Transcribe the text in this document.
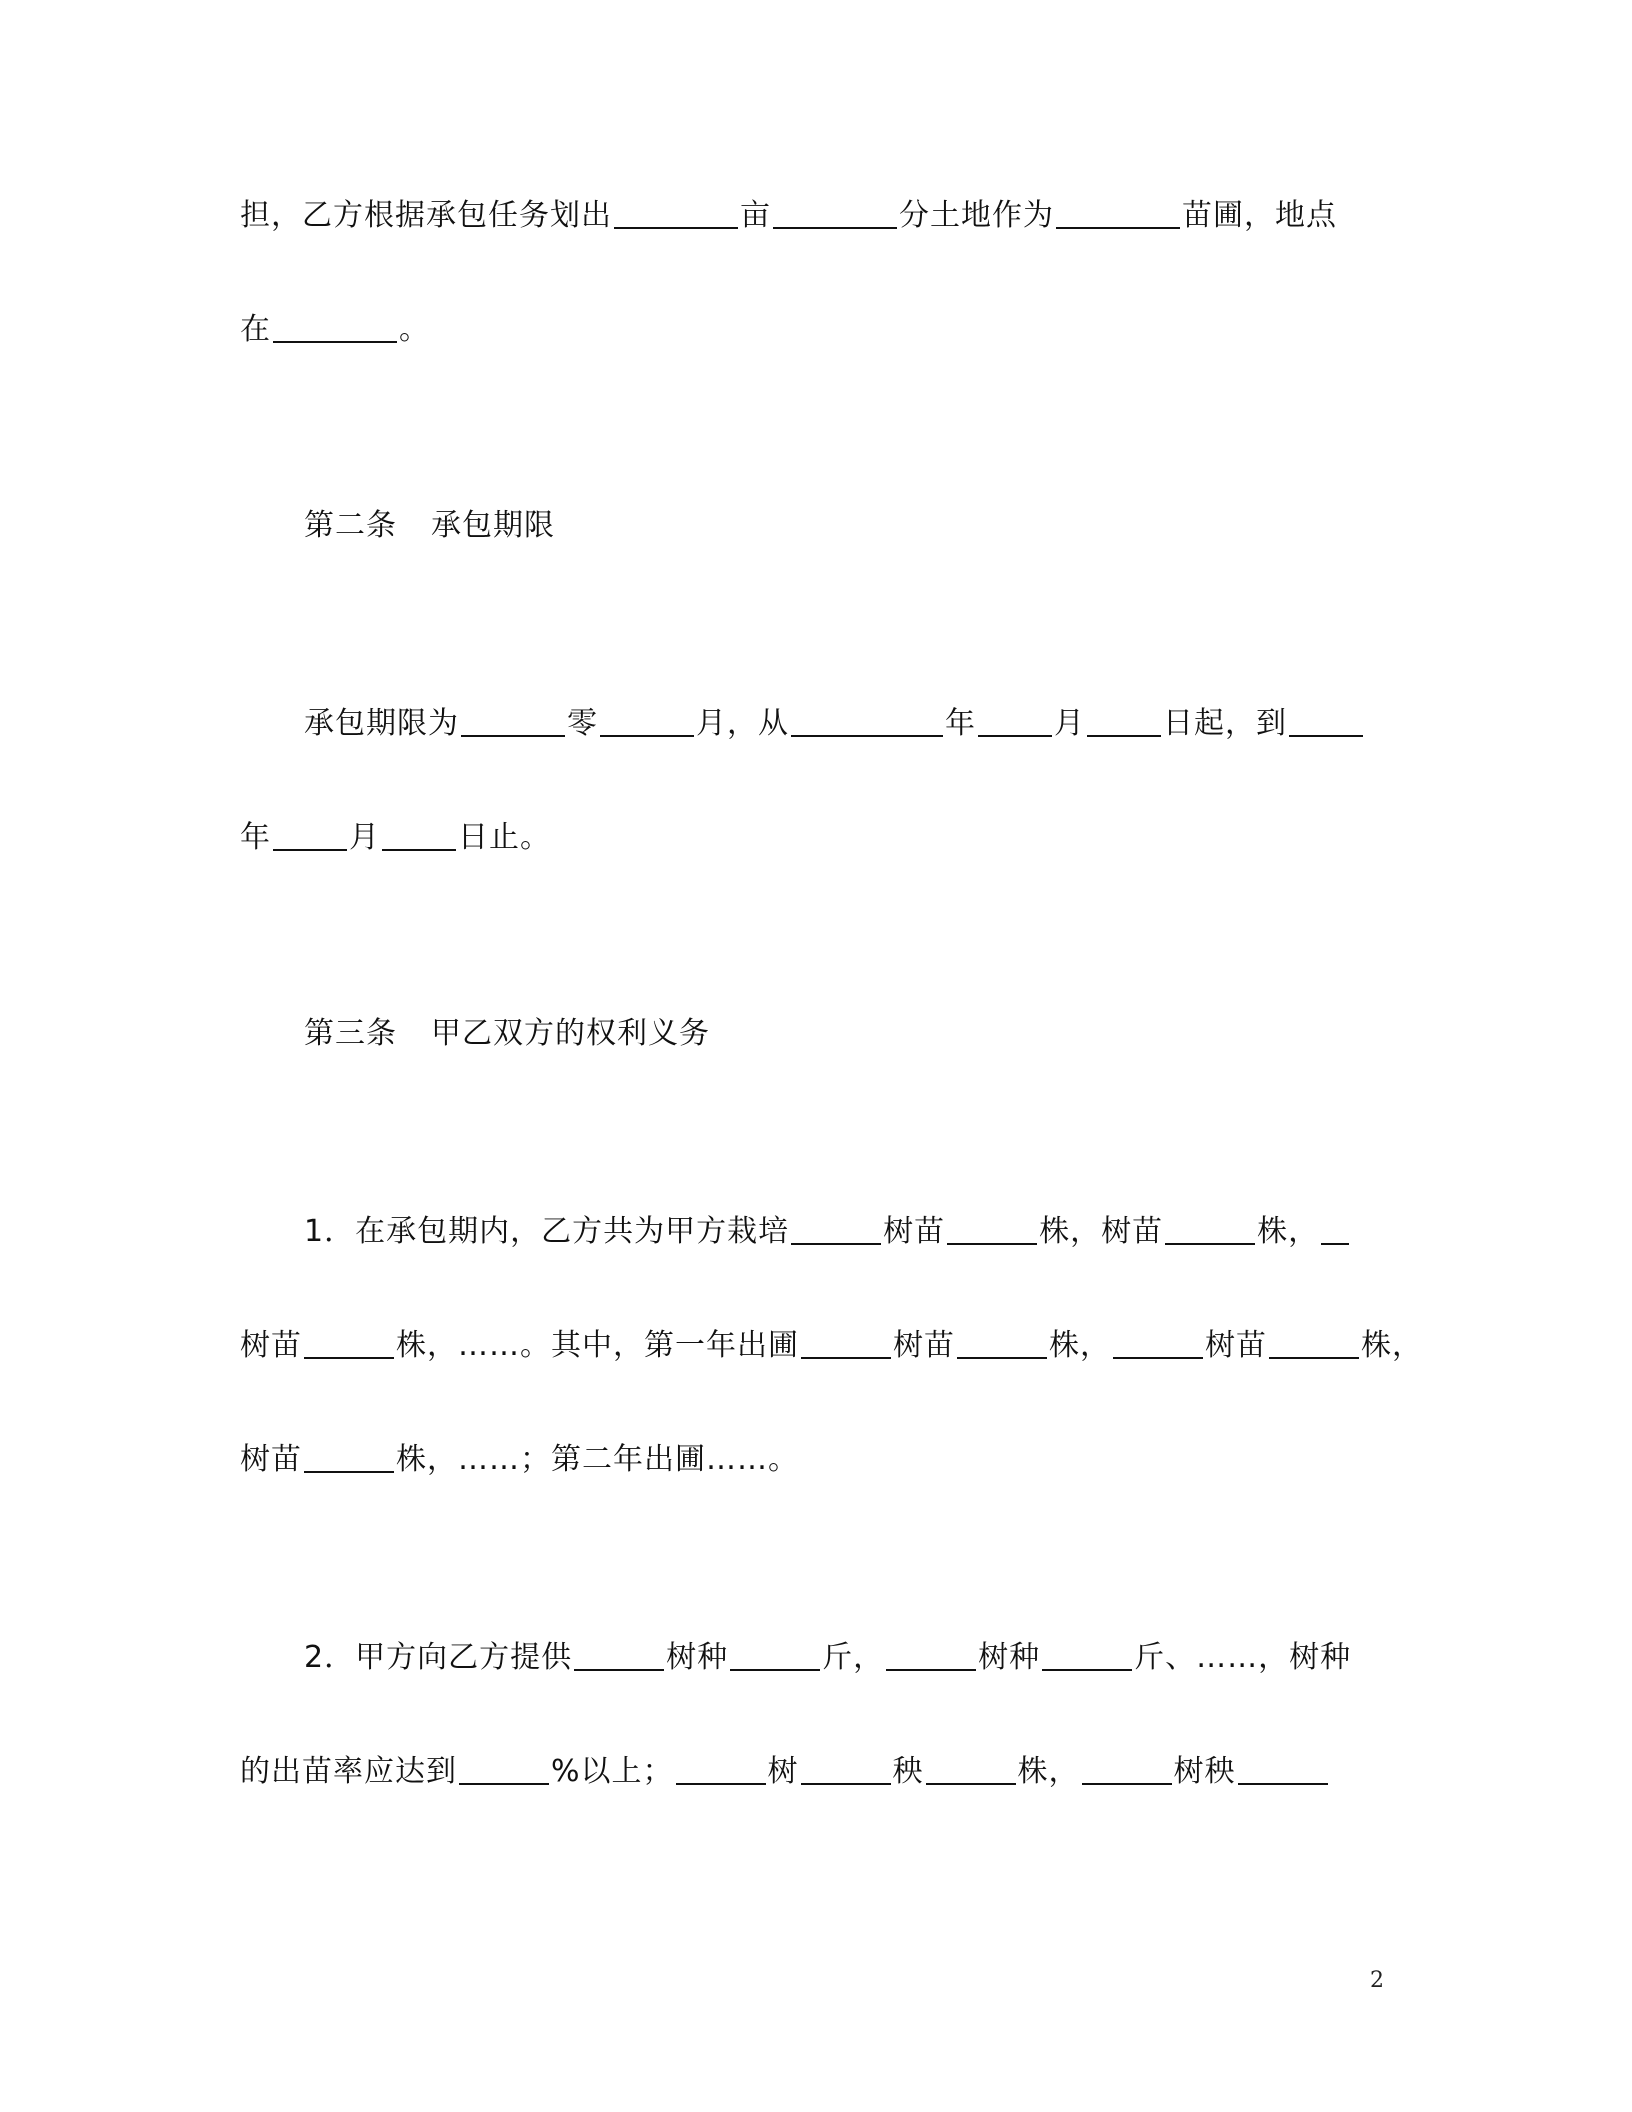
担，乙方根据承包任务划出	亩	分土地作为	苗圃，地点
在	。
第二条 承包期限
承包期限为	零	月，从	年	月	日起，到
年	月	日止。
第三条 甲乙双方的权利义务
1．在承包期内，乙方共为甲方栽培	树苗	株，树苗	株，
树苗	株，……。其中，第一年出圃	树苗	株，	树苗	株，
树苗	株，……；第二年出圃……。
2．甲方向乙方提供	树种	斤，	树种	斤、……，树种
的出苗率应达到	%以上；	树	秧	株，	树秧
2
